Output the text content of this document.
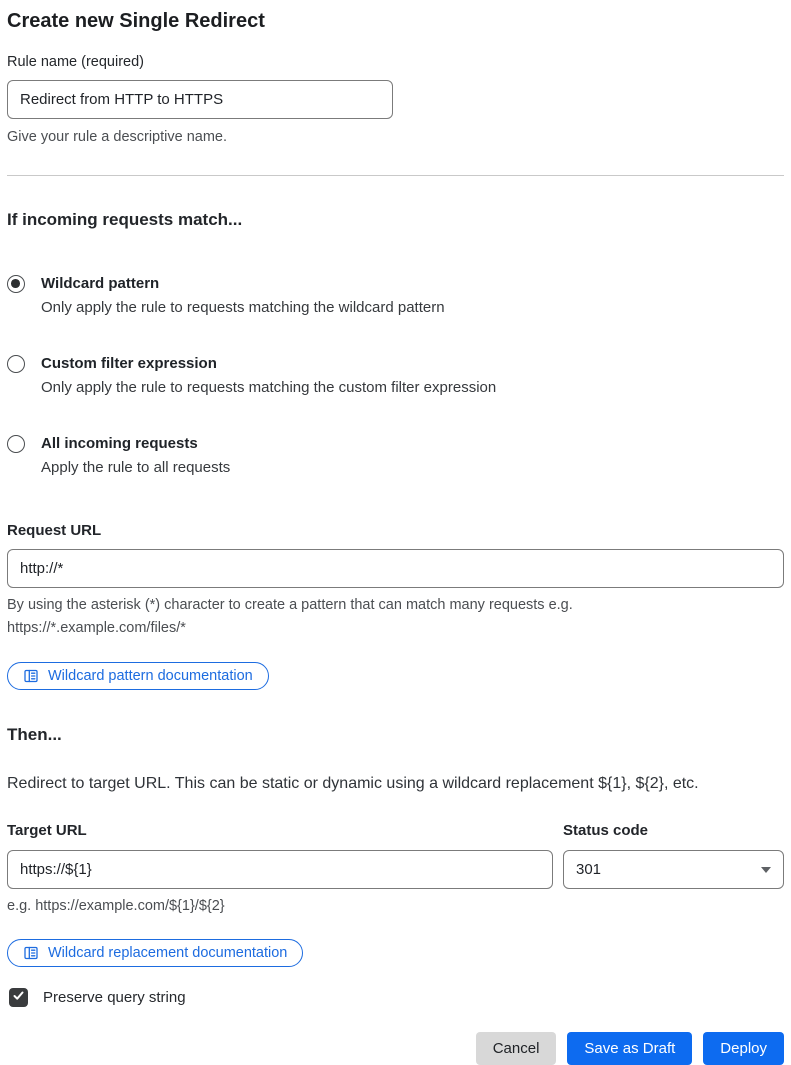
Create new Single Redirect
Rule name (required)
Redirect from HTTP to HTTPS
Give your rule a descriptive name.
If incoming requests match...
Wildcard pattern
Only apply the rule to requests matching the wildcard pattern
Custom filter expression
Only apply the rule to requests matching the custom filter expression
All incoming requests
Apply the rule to all requests
Request URL
http://*
By using the asterisk (*) character to create a pattern that can match many requests e.g. https://*.example.com/files/*
Wildcard pattern documentation
Then...
Redirect to target URL. This can be static or dynamic using a wildcard replacement ${1}, ${2}, etc.
Target URL
https://${1}	Status code
301
e.g. https://example.com/${1}/${2}
Wildcard replacement documentation
Preserve query string
Cancel	Save as Draft	Deploy
